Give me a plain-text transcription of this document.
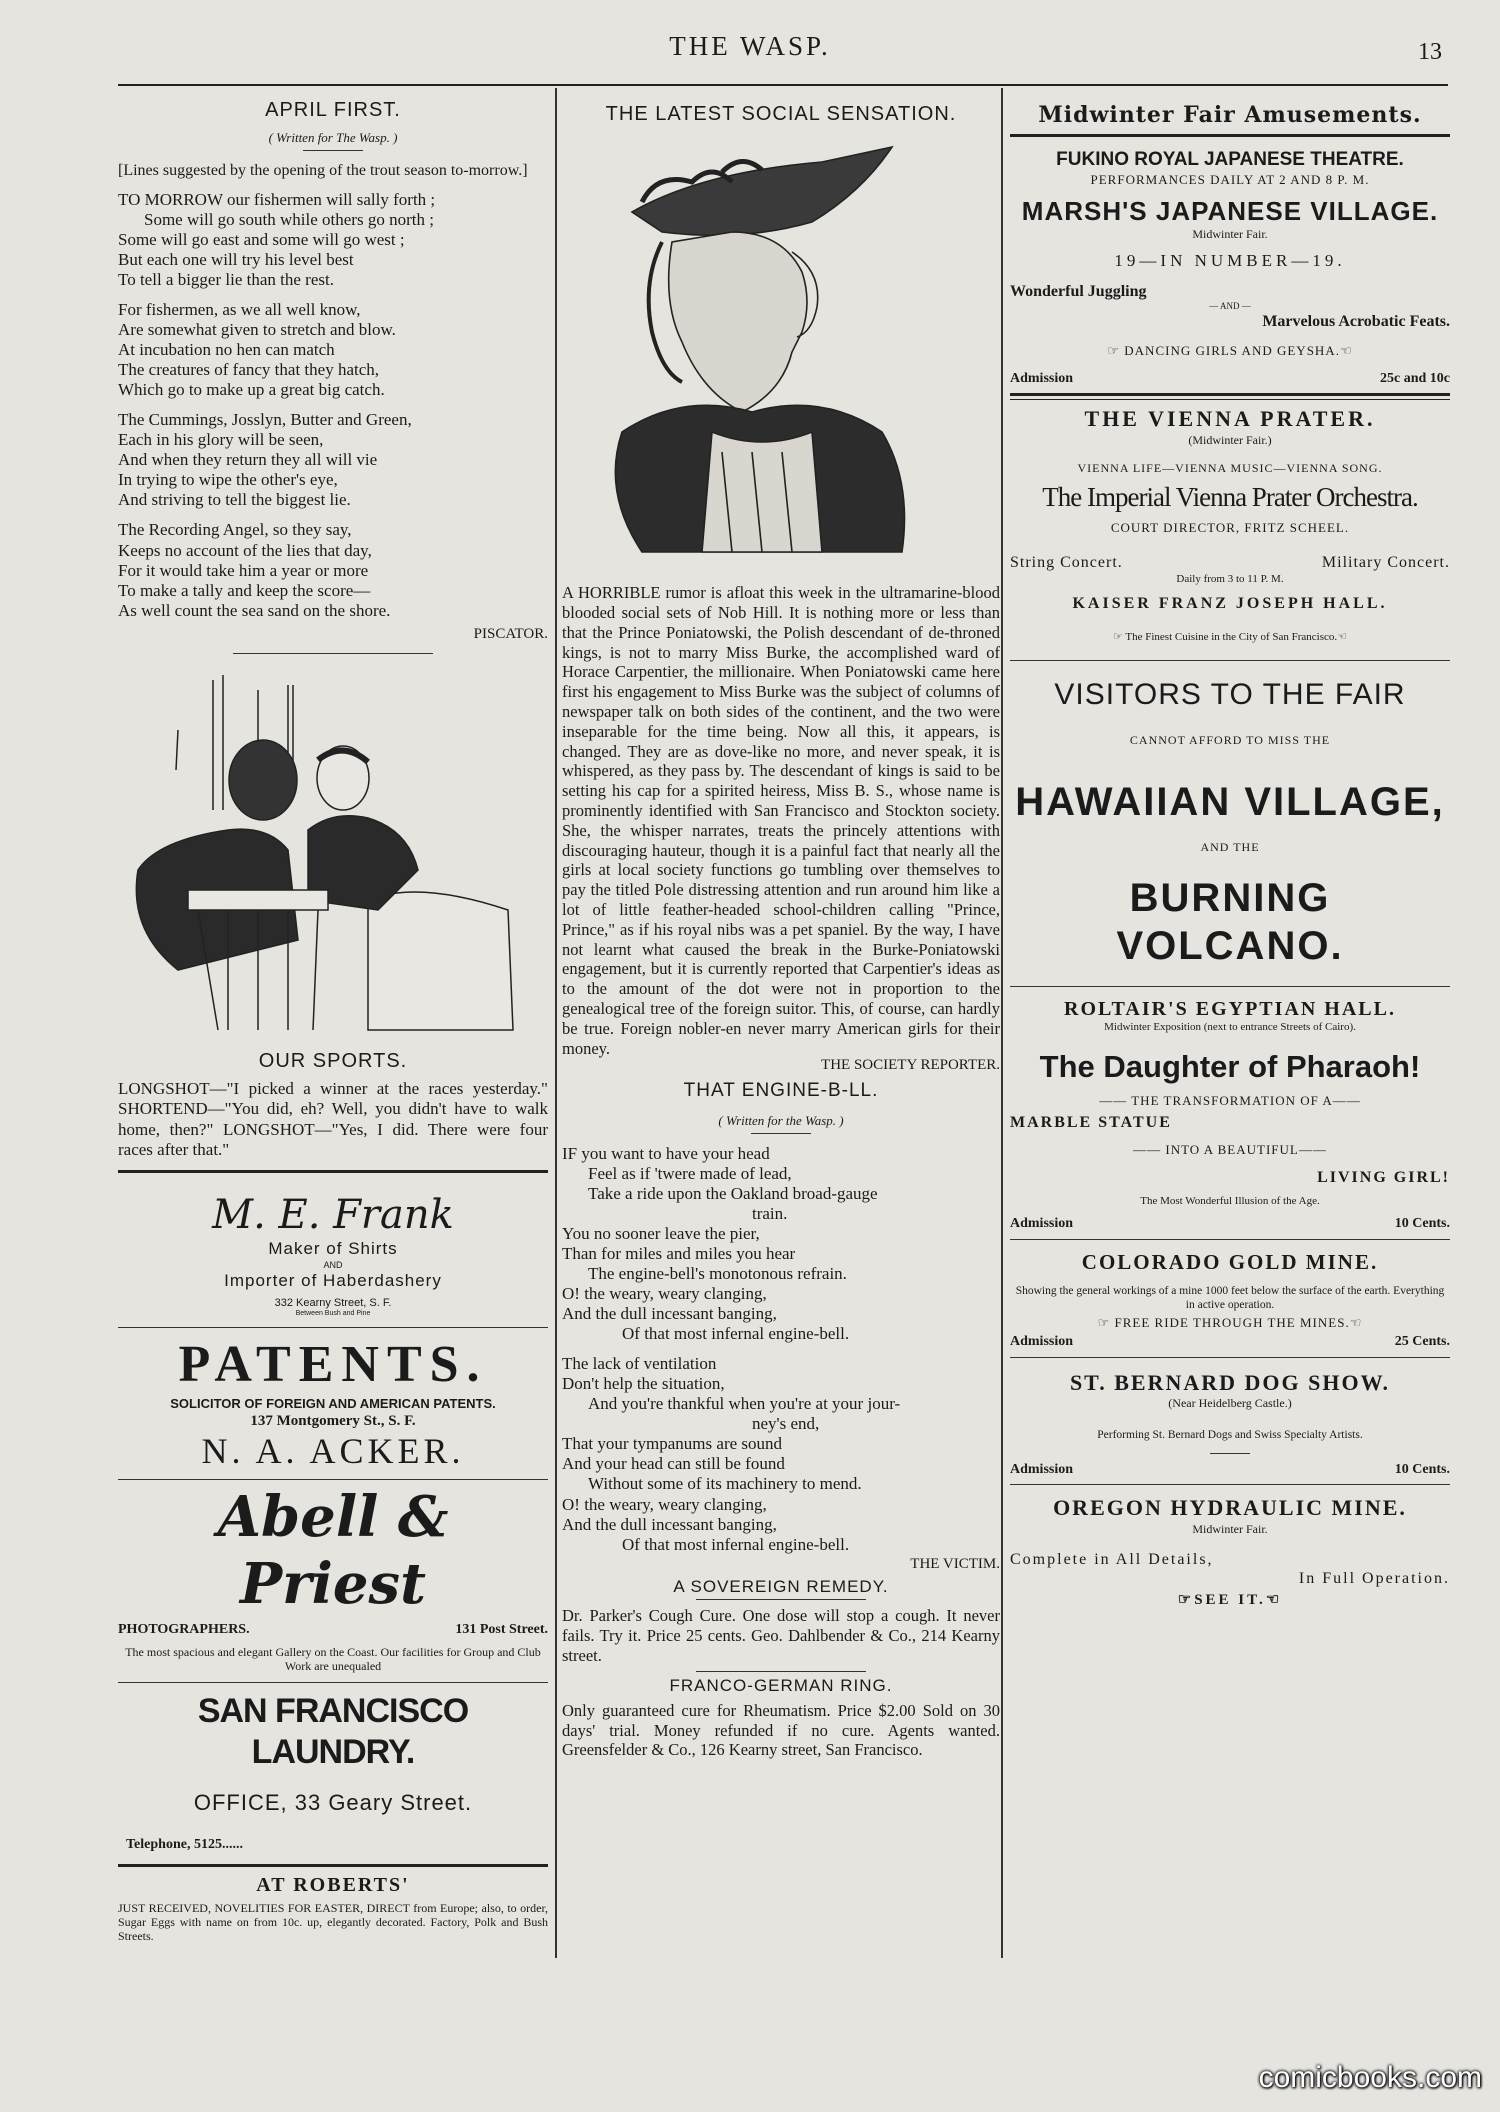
THE WASP.	13
APRIL FIRST.
( Written for The Wasp. )

[Lines suggested by the opening of the trout season to-morrow.]

TO MORROW our fishermen will sally forth ;

Some will go south while others go north ;

Some will go east and some will go west ;

But each one will try his level best

To tell a bigger lie than the rest.

For fishermen, as we all well know,

Are somewhat given to stretch and blow.

At incubation no hen can match

The creatures of fancy that they hatch,

Which go to make up a great big catch.

The Cummings, Josslyn, Butter and Green,

Each in his glory will be seen,

And when they return they all will vie

In trying to wipe the other's eye,

And striving to tell the biggest lie.

The Recording Angel, so they say,

Keeps no account of the lies that day,

For it would take him a year or more

To make a tally and keep the score—

As well count the sea sand on the shore.

PISCATOR.
OUR SPORTS.

LONGSHOT—"I picked a winner at the races yesterday." SHORTEND—"You did, eh? Well, you didn't have to walk home, then?" LONGSHOT—"Yes, I did. There were four races after that."

M. E. Frank
Maker of Shirts
AND
Importer of Haberdashery
332 Kearny Street, S. F.
Between Bush and Pine
PATENTS.
SOLICITOR OF FOREIGN AND AMERICAN PATENTS.
137 Montgomery St., S. F.
N. A. ACKER.
Abell & Priest
PHOTOGRAPHERS.	131 Post Street.

The most spacious and elegant Gallery on the Coast. Our facilities for Group and Club Work are unequaled

SAN FRANCISCO LAUNDRY.
OFFICE, 33 Geary Street.
Telephone, 5125......
AT ROBERTS'

JUST RECEIVED, NOVELITIES FOR EASTER, DIRECT from Europe; also, to order, Sugar Eggs with name on from 10c. up, elegantly decorated. Factory, Polk and Bush Streets.

THE LATEST SOCIAL SENSATION.

A HORRIBLE rumor is afloat this week in the ultramarine-blood blooded social sets of Nob Hill. It is nothing more or less than that the Prince Poniatowski, the Polish descendant of de-throned kings, is not to marry Miss Burke, the accomplished ward of Horace Carpentier, the millionaire. When Poniatowski came here first his engagement to Miss Burke was the subject of columns of newspaper talk on both sides of the continent, and the two were inseparable for the time being. Now all this, it appears, is changed. They are as dove-like no more, and never speak, it is whispered, as they pass by. The descendant of kings is said to be setting his cap for a spirited heiress, Miss B. S., whose name is prominently identified with San Francisco and Stockton society. She, the whisper narrates, treats the princely attentions with discouraging hauteur, though it is a painful fact that nearly all the girls at local society functions go tumbling over themselves to pay the titled Pole distressing attention and run around him like a lot of little feather-headed school-children calling "Prince, Prince," as if his royal nibs was a pet spaniel. By the way, I have not learnt what caused the break in the Burke-Poniatowski engagement, but it is currently reported that Carpentier's ideas as to the amount of the dot were not in proportion to the genealogical tree of the foreign suitor. This, of course, can hardly be true. Foreign nobler-en never marry American girls for their money.

THE SOCIETY REPORTER.
THAT ENGINE-B-LL.
( Written for the Wasp. )

IF you want to have your head

Feel as if 'twere made of lead,

Take a ride upon the Oakland broad-gauge

train.

You no sooner leave the pier,

Than for miles and miles you hear

The engine-bell's monotonous refrain.

O! the weary, weary clanging,

And the dull incessant banging,

Of that most infernal engine-bell.

The lack of ventilation

Don't help the situation,

And you're thankful when you're at your jour-

ney's end,

That your tympanums are sound

And your head can still be found

Without some of its machinery to mend.

O! the weary, weary clanging,

And the dull incessant banging,

Of that most infernal engine-bell.

THE VICTIM.
A SOVEREIGN REMEDY.

Dr. Parker's Cough Cure. One dose will stop a cough. It never fails. Try it. Price 25 cents. Geo. Dahlbender & Co., 214 Kearny street.

FRANCO-GERMAN RING.

Only guaranteed cure for Rheumatism. Price $2.00 Sold on 30 days' trial. Money refunded if no cure. Agents wanted. Greensfelder & Co., 126 Kearny street, San Francisco.

Midwinter Fair Amusements.
FUKINO ROYAL JAPANESE THEATRE.
PERFORMANCES DAILY AT 2 AND 8 P. M.
MARSH'S JAPANESE VILLAGE.
Midwinter Fair.
19—IN NUMBER—19.
Wonderful Juggling
— AND —
Marvelous Acrobatic Feats.
☞ DANCING GIRLS AND GEYSHA.☜
Admission	25c and 10c
THE VIENNA PRATER.
(Midwinter Fair.)
VIENNA LIFE—VIENNA MUSIC—VIENNA SONG.
The Imperial Vienna Prater Orchestra.
COURT DIRECTOR, FRITZ SCHEEL.
String Concert.	Military Concert.
Daily from 3 to 11 P. M.
KAISER FRANZ JOSEPH HALL.
☞ The Finest Cuisine in the City of San Francisco.☜
VISITORS TO THE FAIR
CANNOT AFFORD TO MISS THE
HAWAIIAN VILLAGE,
AND THE
BURNING VOLCANO.
ROLTAIR'S EGYPTIAN HALL.
Midwinter Exposition (next to entrance Streets of Cairo).
The Daughter of Pharaoh!
—— THE TRANSFORMATION OF A——
MARBLE STATUE
—— INTO A BEAUTIFUL——
LIVING GIRL!
The Most Wonderful Illusion of the Age.
Admission	10 Cents.
COLORADO GOLD MINE.

Showing the general workings of a mine 1000 feet below the surface of the earth. Everything in active operation.

☞ FREE RIDE THROUGH THE MINES.☜
Admission	25 Cents.
ST. BERNARD DOG SHOW.
(Near Heidelberg Castle.)
Performing St. Bernard Dogs and Swiss Specialty Artists.
Admission	10 Cents.
OREGON HYDRAULIC MINE.
Midwinter Fair.
Complete in All Details,
In Full Operation.
☞SEE IT.☜
comicbooks.com
